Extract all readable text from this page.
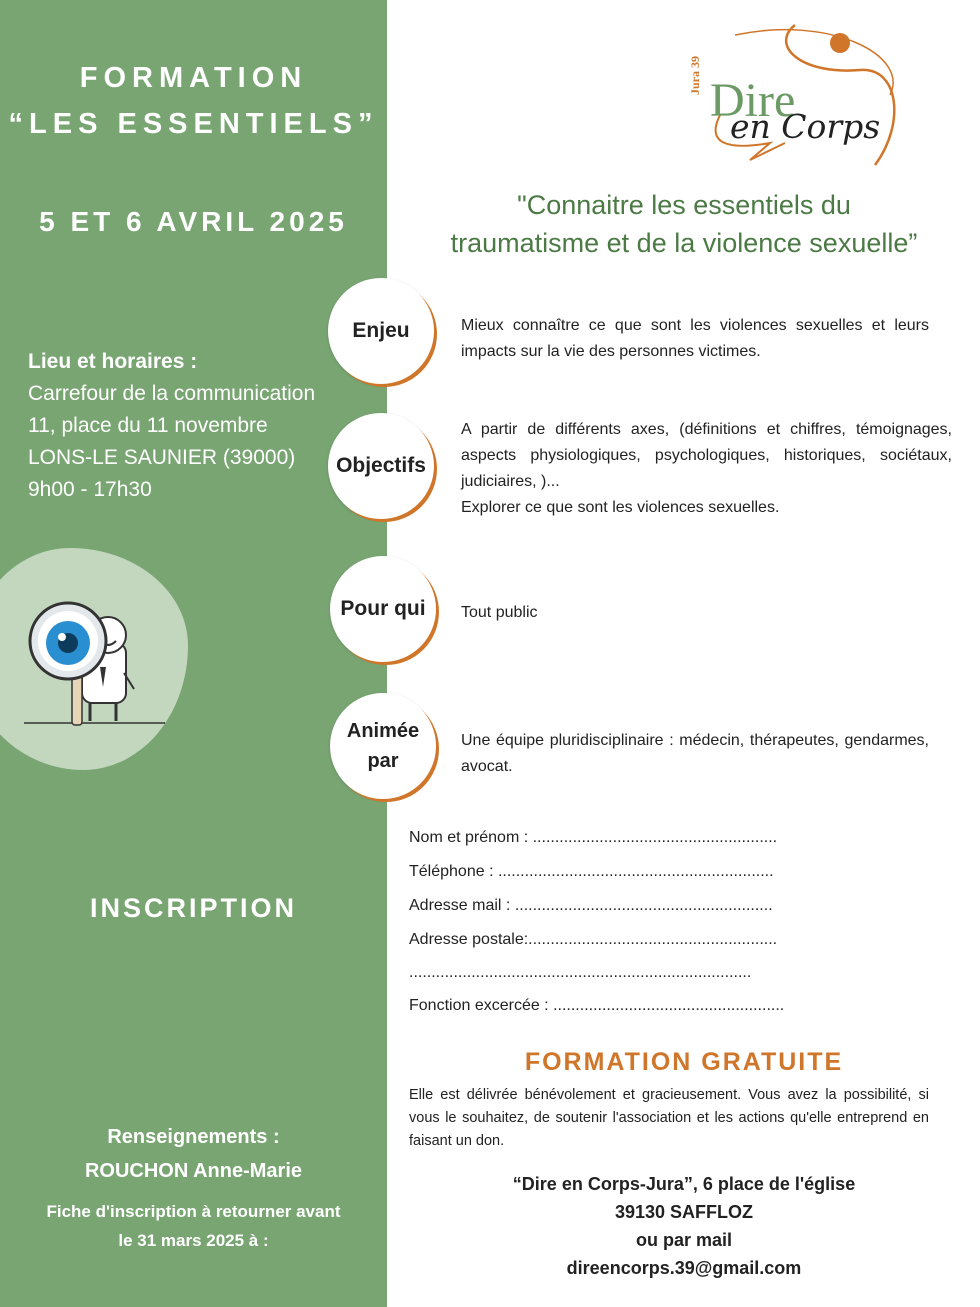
FORMATION
“LES ESSENTIELS”
5 ET 6 AVRIL 2025
Lieu et horaires :
Carrefour de la communication
11, place du 11 novembre
LONS-LE SAUNIER (39000)
9h00 - 17h30
INSCRIPTION
Renseignements :
ROUCHON Anne-Marie
Fiche d'inscription à retourner avant
le 31 mars 2025 à :
Jura 39 Dire
en Corps
"Connaitre les essentiels du
traumatisme et de la violence sexuelle”
Enjeu	Mieux connaître ce que sont les violences sexuelles et leurs impacts sur la vie des personnes victimes.
Objectifs
A partir de différents axes, (définitions et chiffres, témoignages, aspects physiologiques, psychologiques, historiques, sociétaux, judiciaires, )...
Explorer ce que sont les violences sexuelles.
Pour qui	Tout public
Animée par
Une équipe pluridisciplinaire : médecin, thérapeutes, gendarmes, avocat.
Nom et prénom : .......................................................
Téléphone : ..............................................................
Adresse mail : ..........................................................
Adresse postale:........................................................
.............................................................................
Fonction excercée : ....................................................
FORMATION GRATUITE
Elle est délivrée bénévolement et gracieusement. Vous avez la possibilité, si vous le souhaitez, de soutenir l'association et les actions qu'elle entreprend en faisant un don.
“Dire en Corps-Jura”, 6 place de l'église
39130 SAFFLOZ
ou par mail
direencorps.39@gmail.com
